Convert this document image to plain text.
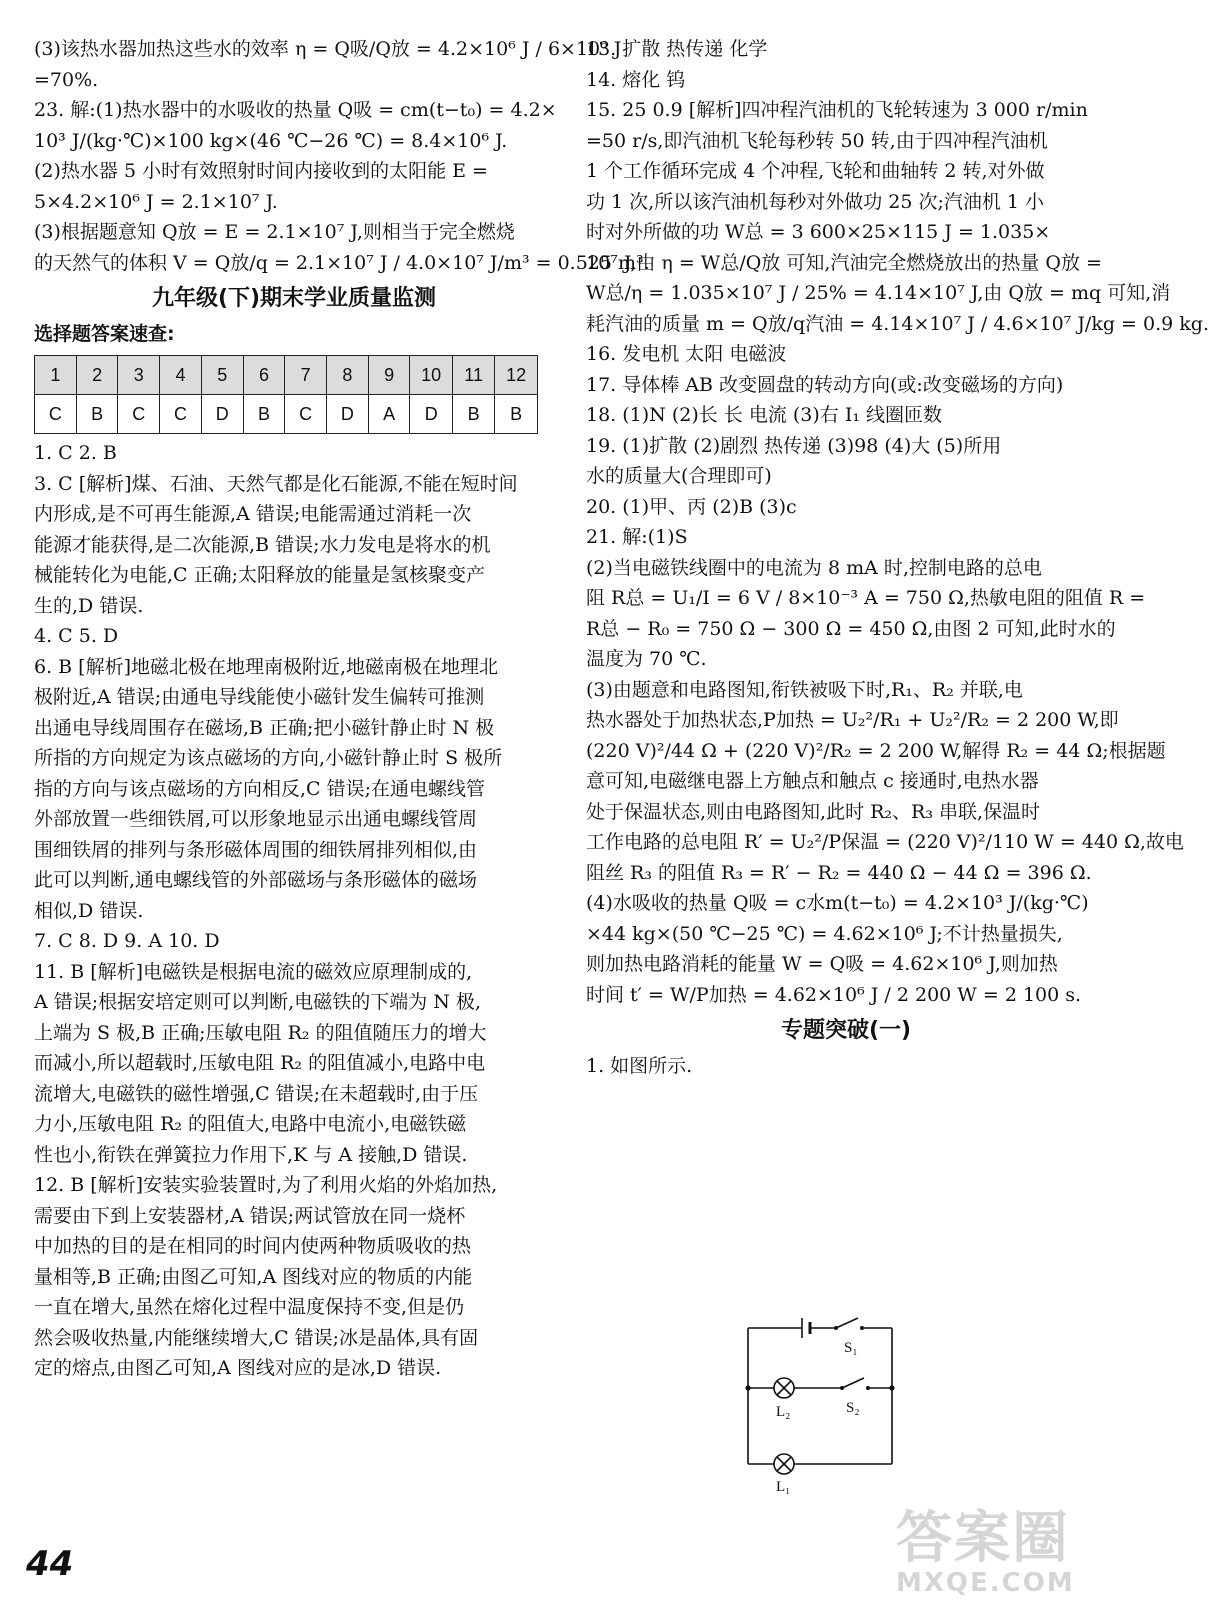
(3)该热水器加热这些水的效率 η = Q吸/Q放 = 4.2×10⁶ J / 6×10⁶ J
=70%.
23. 解:(1)热水器中的水吸收的热量 Q吸 = cm(t−t₀) = 4.2×
10³ J/(kg·℃)×100 kg×(46 ℃−26 ℃) = 8.4×10⁶ J.
(2)热水器 5 小时有效照射时间内接收到的太阳能 E =
5×4.2×10⁶ J = 2.1×10⁷ J.
(3)根据题意知 Q放 = E = 2.1×10⁷ J,则相当于完全燃烧
的天然气的体积 V = Q放/q = 2.1×10⁷ J / 4.0×10⁷ J/m³ = 0.525 m³.
九年级(下)期末学业质量监测
选择题答案速查:
1	2	3	4	5	6	7	8	9	10	11	12
C	B	C	C	D	B	C	D	A	D	B	B
1. C 2. B
3. C [解析]煤、石油、天然气都是化石能源,不能在短时间
内形成,是不可再生能源,A 错误;电能需通过消耗一次
能源才能获得,是二次能源,B 错误;水力发电是将水的机
械能转化为电能,C 正确;太阳释放的能量是氢核聚变产
生的,D 错误.
4. C 5. D
6. B [解析]地磁北极在地理南极附近,地磁南极在地理北
极附近,A 错误;由通电导线能使小磁针发生偏转可推测
出通电导线周围存在磁场,B 正确;把小磁针静止时 N 极
所指的方向规定为该点磁场的方向,小磁针静止时 S 极所
指的方向与该点磁场的方向相反,C 错误;在通电螺线管
外部放置一些细铁屑,可以形象地显示出通电螺线管周
围细铁屑的排列与条形磁体周围的细铁屑排列相似,由
此可以判断,通电螺线管的外部磁场与条形磁体的磁场
相似,D 错误.
7. C 8. D 9. A 10. D
11. B [解析]电磁铁是根据电流的磁效应原理制成的,
A 错误;根据安培定则可以判断,电磁铁的下端为 N 极,
上端为 S 极,B 正确;压敏电阻 R₂ 的阻值随压力的增大
而减小,所以超载时,压敏电阻 R₂ 的阻值减小,电路中电
流增大,电磁铁的磁性增强,C 错误;在未超载时,由于压
力小,压敏电阻 R₂ 的阻值大,电路中电流小,电磁铁磁
性也小,衔铁在弹簧拉力作用下,K 与 A 接触,D 错误.
12. B [解析]安装实验装置时,为了利用火焰的外焰加热,
需要由下到上安装器材,A 错误;两试管放在同一烧杯
中加热的目的是在相同的时间内使两种物质吸收的热
量相等,B 正确;由图乙可知,A 图线对应的物质的内能
一直在增大,虽然在熔化过程中温度保持不变,但是仍
然会吸收热量,内能继续增大,C 错误;冰是晶体,具有固
定的熔点,由图乙可知,A 图线对应的是冰,D 错误.
13. 扩散 热传递 化学
14. 熔化 钨
15. 25 0.9 [解析]四冲程汽油机的飞轮转速为 3 000 r/min
=50 r/s,即汽油机飞轮每秒转 50 转,由于四冲程汽油机
1 个工作循环完成 4 个冲程,飞轮和曲轴转 2 转,对外做
功 1 次,所以该汽油机每秒对外做功 25 次;汽油机 1 小
时对外所做的功 W总 = 3 600×25×115 J = 1.035×
10⁷ J,由 η = W总/Q放 可知,汽油完全燃烧放出的热量 Q放 =
W总/η = 1.035×10⁷ J / 25% = 4.14×10⁷ J,由 Q放 = mq 可知,消
耗汽油的质量 m = Q放/q汽油 = 4.14×10⁷ J / 4.6×10⁷ J/kg = 0.9 kg.
16. 发电机 太阳 电磁波
17. 导体棒 AB 改变圆盘的转动方向(或:改变磁场的方向)
18. (1)N (2)长 长 电流 (3)右 I₁ 线圈匝数
19. (1)扩散 (2)剧烈 热传递 (3)98 (4)大 (5)所用
水的质量大(合理即可)
20. (1)甲、丙 (2)B (3)c
21. 解:(1)S
(2)当电磁铁线圈中的电流为 8 mA 时,控制电路的总电
阻 R总 = U₁/I = 6 V / 8×10⁻³ A = 750 Ω,热敏电阻的阻值 R =
R总 − R₀ = 750 Ω − 300 Ω = 450 Ω,由图 2 可知,此时水的
温度为 70 ℃.
(3)由题意和电路图知,衔铁被吸下时,R₁、R₂ 并联,电
热水器处于加热状态,P加热 = U₂²/R₁ + U₂²/R₂ = 2 200 W,即
(220 V)²/44 Ω + (220 V)²/R₂ = 2 200 W,解得 R₂ = 44 Ω;根据题
意可知,电磁继电器上方触点和触点 c 接通时,电热水器
处于保温状态,则由电路图知,此时 R₂、R₃ 串联,保温时
工作电路的总电阻 R′ = U₂²/P保温 = (220 V)²/110 W = 440 Ω,故电
阻丝 R₃ 的阻值 R₃ = R′ − R₂ = 440 Ω − 44 Ω = 396 Ω.
(4)水吸收的热量 Q吸 = c水m(t−t₀) = 4.2×10³ J/(kg·℃)
×44 kg×(50 ℃−25 ℃) = 4.62×10⁶ J;不计热量损失,
则加热电路消耗的能量 W = Q吸 = 4.62×10⁶ J,则加热
时间 t′ = W/P加热 = 4.62×10⁶ J / 2 200 W = 2 100 s.
专题突破(一)
1. 如图所示.
S₁
S₂
L₂
L₁
44	答案圈
MXQE.COM
